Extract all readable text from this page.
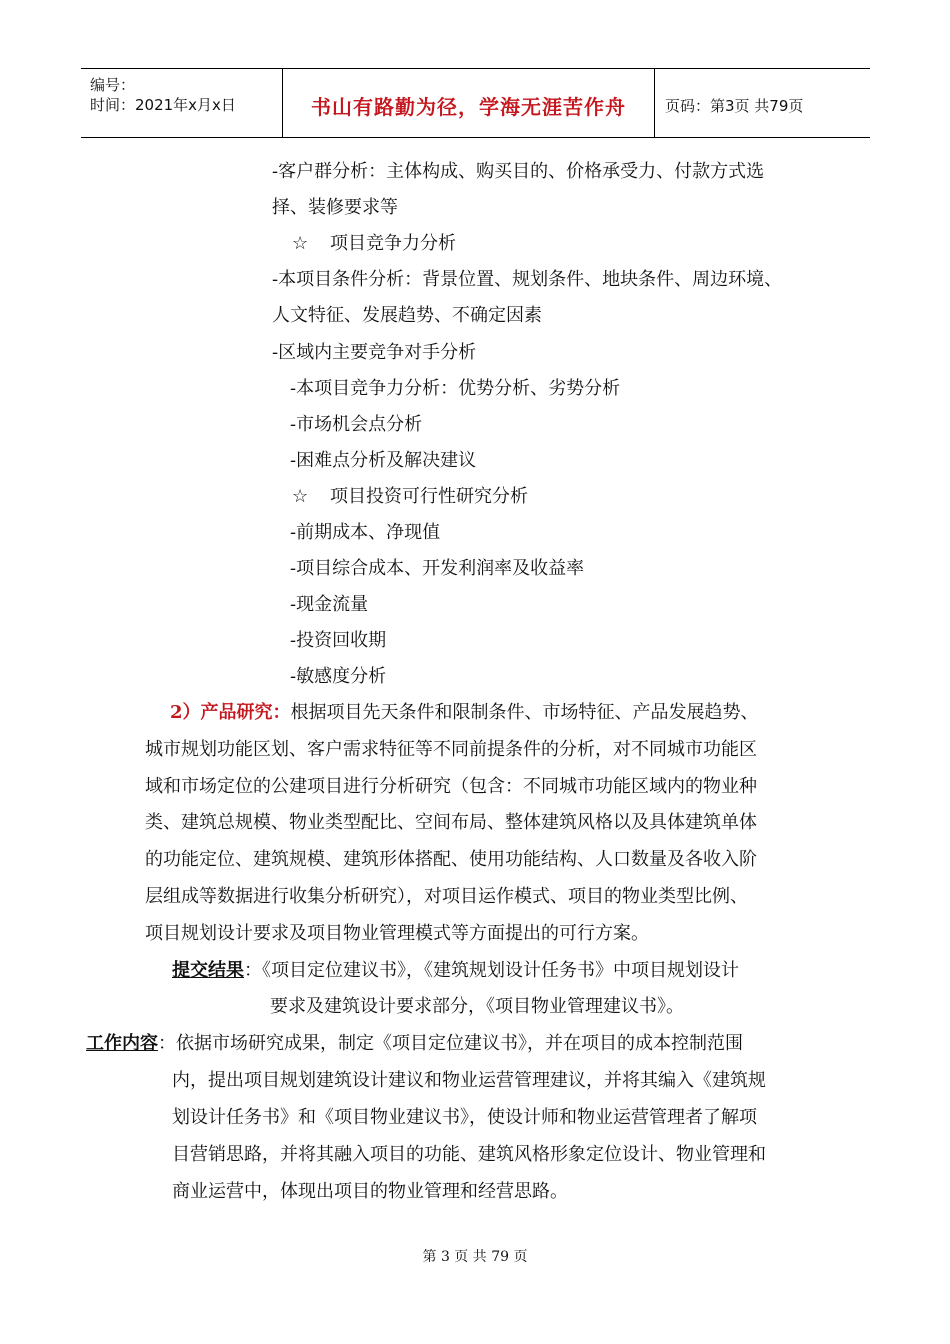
编号：
时间：2021年x月x日	书山有路勤为径，学海无涯苦作舟	页码：第3页 共79页
-客户群分析：主体构成、购买目的、价格承受力、付款方式选
择、装修要求等
☆ 项目竞争力分析
-本项目条件分析：背景位置、规划条件、地块条件、周边环境、
人文特征、发展趋势、不确定因素
-区域内主要竞争对手分析
-本项目竞争力分析：优势分析、劣势分析
-市场机会点分析
-困难点分析及解决建议
☆ 项目投资可行性研究分析
-前期成本、净现值
-项目综合成本、开发利润率及收益率
-现金流量
-投资回收期
-敏感度分析
2）产品研究：根据项目先天条件和限制条件、市场特征、产品发展趋势、
城市规划功能区划、客户需求特征等不同前提条件的分析，对不同城市功能区
域和市场定位的公建项目进行分析研究（包含：不同城市功能区域内的物业种
类、建筑总规模、物业类型配比、空间布局、整体建筑风格以及具体建筑单体
的功能定位、建筑规模、建筑形体搭配、使用功能结构、人口数量及各收入阶
层组成等数据进行收集分析研究），对项目运作模式、项目的物业类型比例、
项目规划设计要求及项目物业管理模式等方面提出的可行方案。
提交结果：《项目定位建议书》，《建筑规划设计任务书》中项目规划设计
要求及建筑设计要求部分，《项目物业管理建议书》。
工作内容：依据市场研究成果，制定《项目定位建议书》，并在项目的成本控制范围
内，提出项目规划建筑设计建议和物业运营管理建议，并将其编入《建筑规
划设计任务书》和《项目物业建议书》，使设计师和物业运营管理者了解项
目营销思路，并将其融入项目的功能、建筑风格形象定位设计、物业管理和
商业运营中，体现出项目的物业管理和经营思路。
第 3 页 共 79 页
